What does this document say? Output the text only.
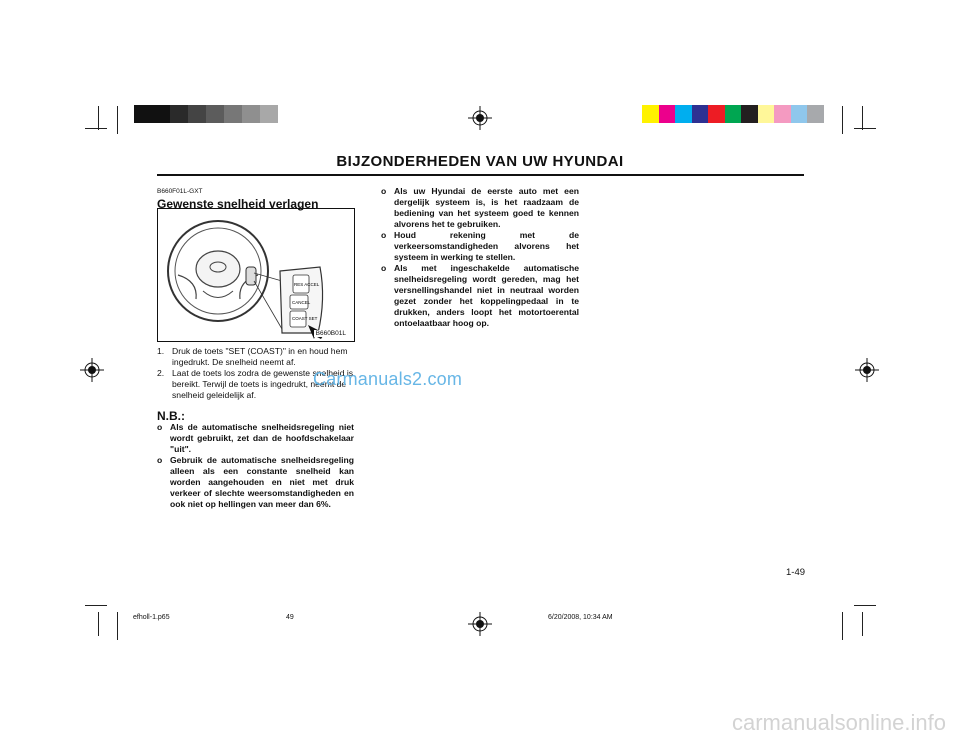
BIJZONDERHEDEN VAN UW HYUNDAI
B660F01L-GXT
Gewenste snelheid verlagen
RES ACCEL
CANCEL
COAST SET
B660B01L
1. Druk de toets "SET (COAST)" in en houd hem ingedrukt. De snelheid neemt af.
2. Laat de toets los zodra de gewenste snelheid is bereikt. Terwijl de toets is ingedrukt, neemt de snelheid geleidelijk af.
N.B.:
o Als de automatische snelheidsregeling niet wordt gebruikt, zet dan de hoofdschakelaar "uit".
o Gebruik de automatische snelheidsregeling alleen als een constante snelheid kan worden aangehouden en niet met druk verkeer of slechte weersomstandigheden en ook niet op hellingen van meer dan 6%.
o Als uw Hyundai de eerste auto met een dergelijk systeem is, is het raadzaam de bediening van het systeem goed te kennen alvorens het te gebruiken.
o Houd rekening met de verkeersomstandigheden alvorens het systeem in werking te stellen.
o Als met ingeschakelde automatische snelheidsregeling wordt gereden, mag het versnellingshandel niet in neutraal worden gezet zonder het koppelingpedaal in te drukken, anders loopt het motortoerental ontoelaatbaar hoog op.
Carmanuals2.com
1-49
efholl-1.p65	49	6/20/2008, 10:34 AM
carmanualsonline.info
